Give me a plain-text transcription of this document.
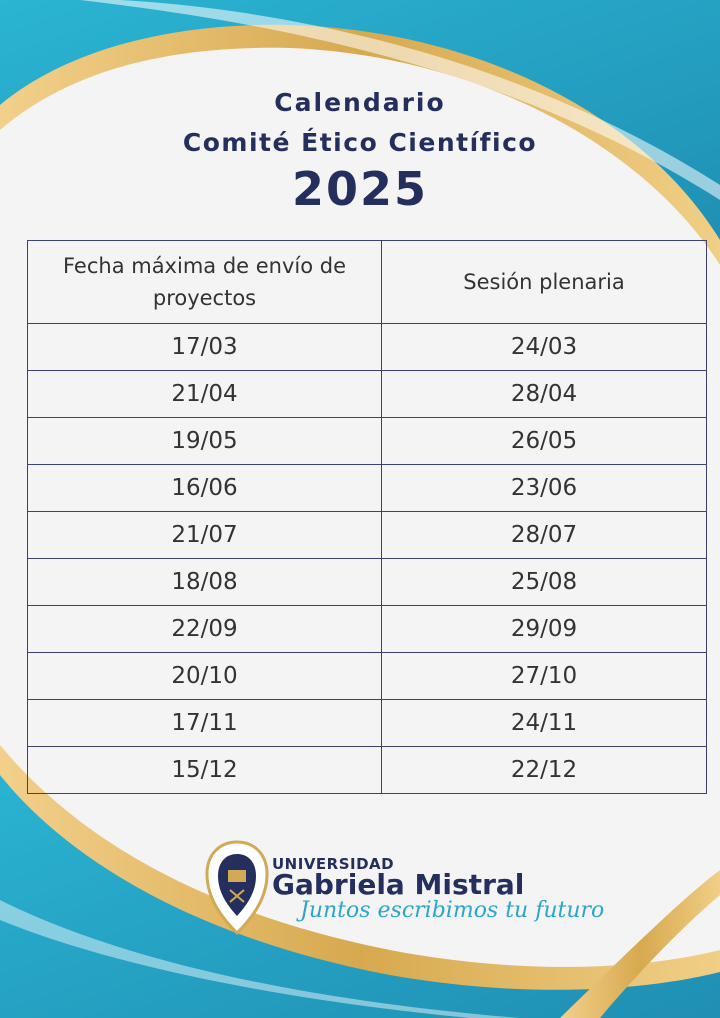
Calendario
Comité Ético Científico
2025
Fecha máxima de envío de proyectos	Sesión plenaria
17/03	24/03
21/04	28/04
19/05	26/05
16/06	23/06
21/07	28/07
18/08	25/08
22/09	29/09
20/10	27/10
17/11	24/11
15/12	22/12
UNIVERSIDAD
Gabriela Mistral
Juntos escribimos tu futuro
